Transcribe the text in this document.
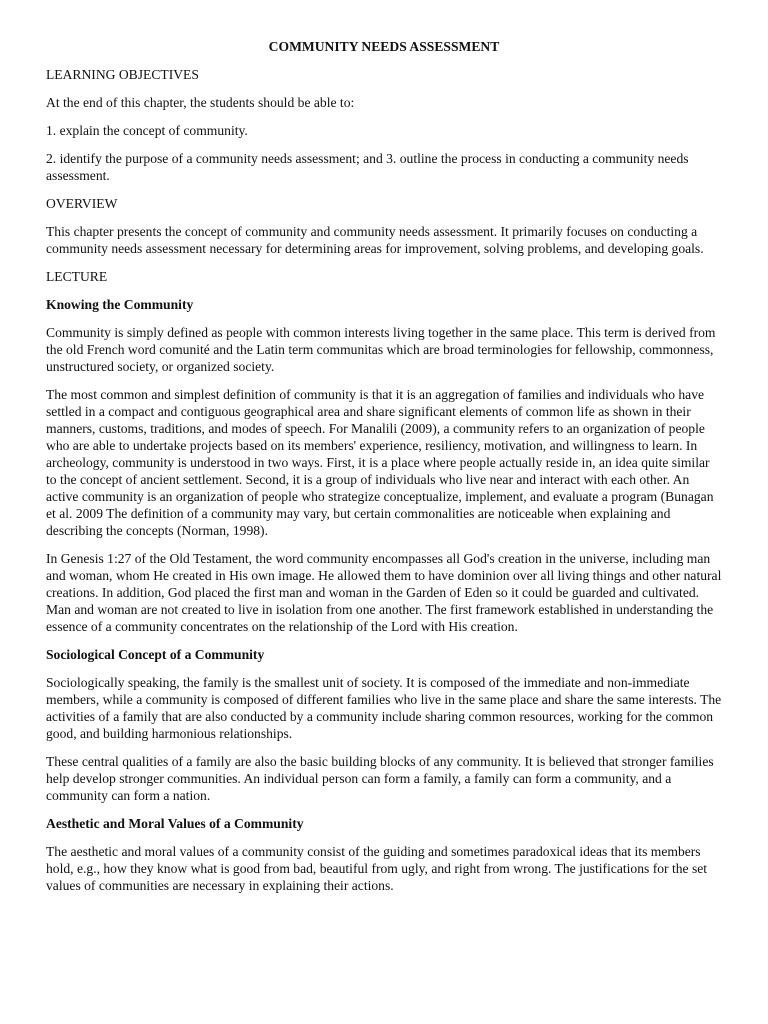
COMMUNITY NEEDS ASSESSMENT

LEARNING OBJECTIVES

At the end of this chapter, the students should be able to:

1. explain the concept of community.

2. identify the purpose of a community needs assessment; and 3. outline the process in conducting a community needs assessment.

OVERVIEW

This chapter presents the concept of community and community needs assessment. It primarily focuses on conducting a community needs assessment necessary for determining areas for improvement, solving problems, and developing goals.

LECTURE

Knowing the Community

Community is simply defined as people with common interests living together in the same place. This term is derived from the old French word comunité and the Latin term communitas which are broad terminologies for fellowship, commonness, unstructured society, or organized society.

The most common and simplest definition of community is that it is an aggregation of families and individuals who have settled in a compact and contiguous geographical area and share significant elements of common life as shown in their manners, customs, traditions, and modes of speech. For Manalili (2009), a community refers to an organization of people who are able to undertake projects based on its members' experience, resiliency, motivation, and willingness to learn. In archeology, community is understood in two ways. First, it is a place where people actually reside in, an idea quite similar to the concept of ancient settlement. Second, it is a group of individuals who live near and interact with each other. An active community is an organization of people who strategize conceptualize, implement, and evaluate a program (Bunagan et al. 2009 The definition of a community may vary, but certain commonalities are noticeable when explaining and describing the concepts (Norman, 1998).

In Genesis 1:27 of the Old Testament, the word community encompasses all God's creation in the universe, including man and woman, whom He created in His own image. He allowed them to have dominion over all living things and other natural creations. In addition, God placed the first man and woman in the Garden of Eden so it could be guarded and cultivated. Man and woman are not created to live in isolation from one another. The first framework established in understanding the essence of a community concentrates on the relationship of the Lord with His creation.

Sociological Concept of a Community

Sociologically speaking, the family is the smallest unit of society. It is composed of the immediate and non-immediate members, while a community is composed of different families who live in the same place and share the same interests. The activities of a family that are also conducted by a community include sharing common resources, working for the common good, and building harmonious relationships.

These central qualities of a family are also the basic building blocks of any community. It is believed that stronger families help develop stronger communities. An individual person can form a family, a family can form a community, and a community can form a nation.

Aesthetic and Moral Values of a Community

The aesthetic and moral values of a community consist of the guiding and sometimes paradoxical ideas that its members hold, e.g., how they know what is good from bad, beautiful from ugly, and right from wrong. The justifications for the set values of communities are necessary in explaining their actions.
